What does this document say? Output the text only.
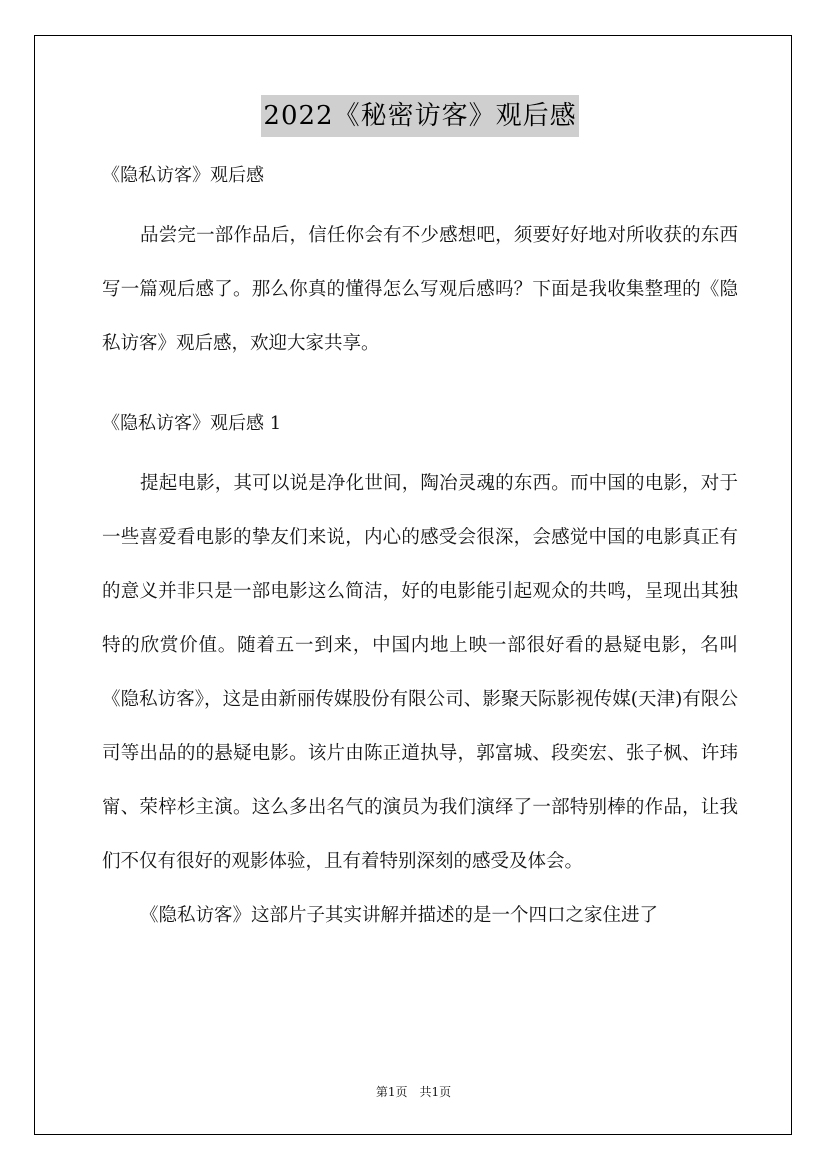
2022《秘密访客》观后感

《隐私访客》观后感

品尝完一部作品后，信任你会有不少感想吧，须要好好地对所收获的东西写一篇观后感了。那么你真的懂得怎么写观后感吗？下面是我收集整理的《隐私访客》观后感，欢迎大家共享。

《隐私访客》观后感 1

提起电影，其可以说是净化世间，陶冶灵魂的东西。而中国的电影，对于一些喜爱看电影的挚友们来说，内心的感受会很深，会感觉中国的电影真正有的意义并非只是一部电影这么简洁，好的电影能引起观众的共鸣，呈现出其独特的欣赏价值。随着五一到来，中国内地上映一部很好看的悬疑电影，名叫《隐私访客》，这是由新丽传媒股份有限公司、影聚天际影视传媒(天津)有限公司等出品的的悬疑电影。该片由陈正道执导，郭富城、段奕宏、张子枫、许玮甯、荣梓杉主演。这么多出名气的演员为我们演绎了一部特别棒的作品，让我们不仅有很好的观影体验，且有着特别深刻的感受及体会。

《隐私访客》这部片子其实讲解并描述的是一个四口之家住进了

第1页　共1页
